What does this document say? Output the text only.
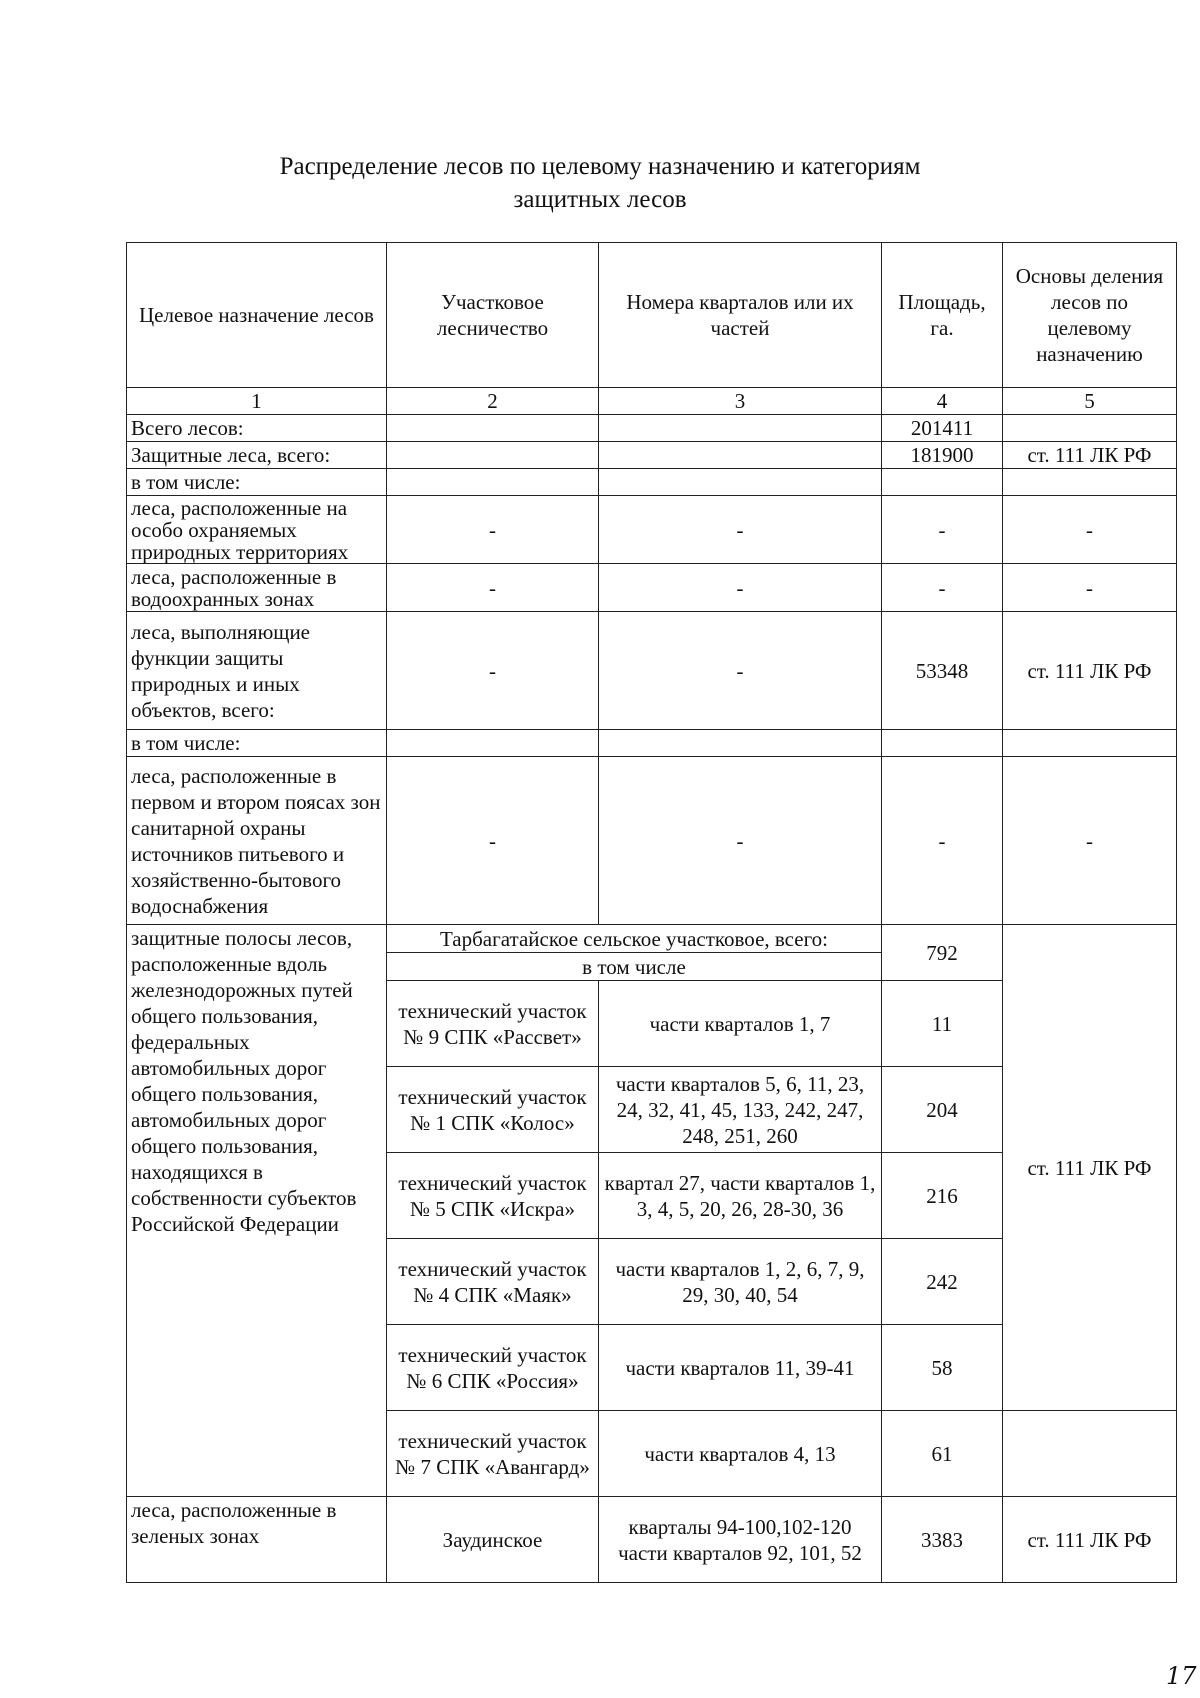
Распределение лесов по целевому назначению и категориям
защитных лесов
Целевое назначение лесов	Участковое лесничество	Номера кварталов или их частей	Площадь, га.	Основы деления лесов по целевому назначению
1	2	3	4	5
Всего лесов:			201411	
Защитные леса, всего:			181900	ст. 111 ЛК РФ
в том числе:				
леса, расположенные на особо охраняемых природных территориях	-	-	-	-
леса, расположенные в водоохранных зонах	-	-	-	-
леса, выполняющие функции защиты природных и иных объектов, всего:	-	-	53348	ст. 111 ЛК РФ
в том числе:				
леса, расположенные в первом и втором поясах зон санитарной охраны источников питьевого и хозяйственно-бытового водоснабжения	-	-	-	-
защитные полосы лесов, расположенные вдоль железнодорожных путей общего пользования, федеральных автомобильных дорог общего пользования, автомобильных дорог общего пользования, находящихся в собственности субъектов Российской Федерации	Тарбагатайское сельское участковое, всего:		792	ст. 111 ЛК РФ
	в том числе			
	технический участок № 9 СПК «Рассвет»	части кварталов 1, 7	11	
	технический участок № 1 СПК «Колос»	части кварталов 5, 6, 11, 23, 24, 32, 41, 45, 133, 242, 247, 248, 251, 260	204	
	технический участок № 5 СПК «Искра»	квартал 27, части кварталов 1, 3, 4, 5, 20, 26, 28-30, 36	216	
	технический участок № 4 СПК «Маяк»	части кварталов 1, 2, 6, 7, 9, 29, 30, 40, 54	242	
	технический участок № 6 СПК «Россия»	части кварталов 11, 39-41	58	
	технический участок № 7 СПК «Авангард»	части кварталов 4, 13	61	
леса, расположенные в зеленых зонах	Заудинское	кварталы 94-100,102-120 части кварталов 92, 101, 52	3383	ст. 111 ЛК РФ
17
